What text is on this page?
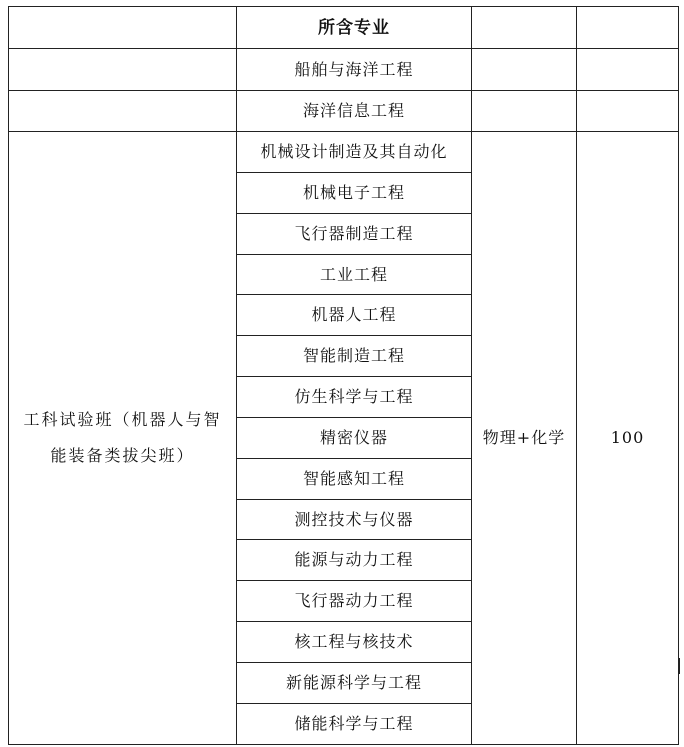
	所含专业		
	船舶与海洋工程		
	海洋信息工程		
工科试验班（机器人与智
能装备类拔尖班）	机械设计制造及其自动化	物理+化学	100
	机械电子工程		
	飞行器制造工程		
	工业工程		
	机器人工程		
	智能制造工程		
	仿生科学与工程		
	精密仪器		
	智能感知工程		
	测控技术与仪器		
	能源与动力工程		
	飞行器动力工程		
	核工程与核技术		
	新能源科学与工程		
	储能科学与工程		
